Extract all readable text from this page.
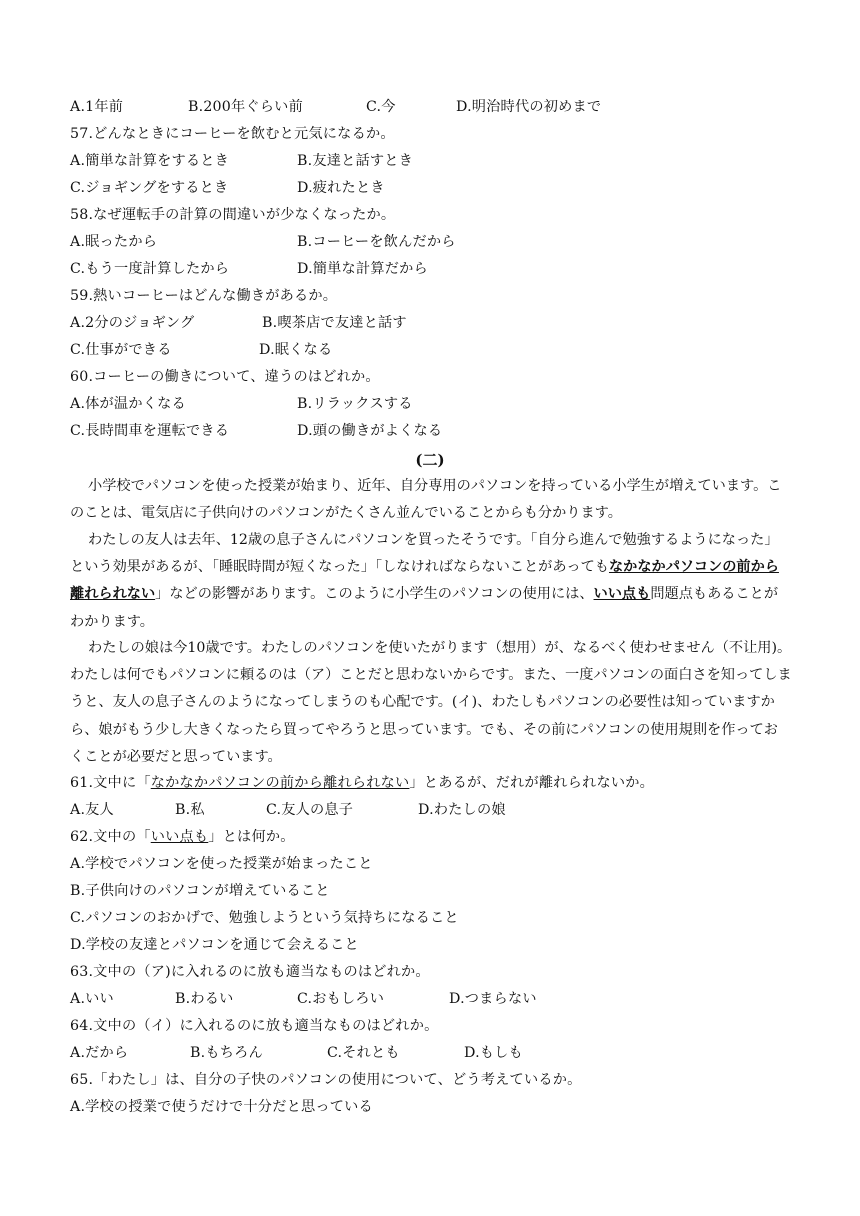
A.1年前	B.200年ぐらい前	C.今	D.明治時代の初めまで
57.どんなときにコーヒーを飲むと元気になるか。
A.簡単な計算をするとき	B.友達と話すとき
C.ジョギングをするとき	D.疲れたとき
58.なぜ運転手の計算の間違いが少なくなったか。
A.眠ったから	B.コーヒーを飲んだから
C.もう一度計算したから	D.簡単な計算だから
59.熱いコーヒーはどんな働きがあるか。
A.2分のジョギング	B.喫茶店で友達と話す
C.仕事ができる	D.眠くなる
60.コーヒーの働きについて、違うのはどれか。
A.体が温かくなる	B.リラックスする
C.長時間車を運転できる	D.頭の働きがよくなる
(二)
小学校でパソコンを使った授業が始まり、近年、自分専用のパソコンを持っている小学生が増えています。このことは、電気店に子供向けのパソコンがたくさん並んでいることからも分かります。
わたしの友人は去年、12歳の息子さんにパソコンを買ったそうです。「自分ら進んで勉強するようになった」という効果があるが、「睡眠時間が短くなった」「しなければならないことがあってもなかなかパソコンの前から離れられない」などの影響があります。このように小学生のパソコンの使用には、いい点も問題点もあることがわかります。
わたしの娘は今10歳です。わたしのパソコンを使いたがります（想用）が、なるべく使わせません（不让用)。わたしは何でもパソコンに頼るのは（ア）ことだと思わないからです。また、一度パソコンの面白さを知ってしまうと、友人の息子さんのようになってしまうのも心配です。(イ)、わたしもパソコンの必要性は知っていますから、娘がもう少し大きくなったら買ってやろうと思っています。でも、その前にパソコンの使用規則を作っておくことが必要だと思っています。
61.文中に「なかなかパソコンの前から離れられない」とあるが、だれが離れられないか。
A.友人	B.私	C.友人の息子	D.わたしの娘
62.文中の「いい点も」とは何か。
A.学校でパソコンを使った授業が始まったこと
B.子供向けのパソコンが増えていること
C.パソコンのおかげで、勉強しようという気持ちになること
D.学校の友達とパソコンを通じて会えること
63.文中の（ア)に入れるのに放も適当なものはどれか。
A.いい	B.わるい	C.おもしろい	D.つまらない
64.文中の（イ）に入れるのに放も適当なものはどれか。
A.だから	B.もちろん	C.それとも	D.もしも
65.「わたし」は、自分の子快のパソコンの使用について、どう考えているか。
A.学校の授業で使うだけで十分だと思っている
